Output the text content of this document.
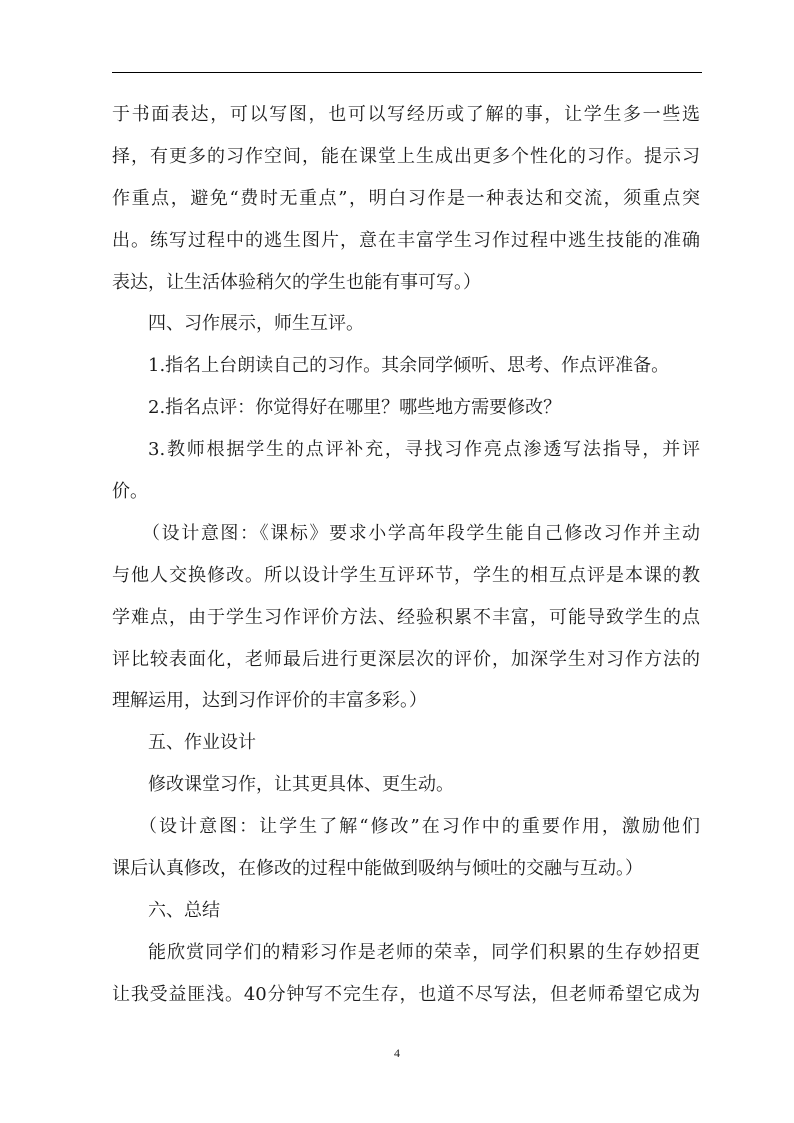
于书面表达，可以写图，也可以写经历或了解的事，让学生多一些选
择，有更多的习作空间，能在课堂上生成出更多个性化的习作。提示习
作重点，避免“费时无重点”，明白习作是一种表达和交流，须重点突
出。练写过程中的逃生图片，意在丰富学生习作过程中逃生技能的准确
表达，让生活体验稍欠的学生也能有事可写。）
四、习作展示，师生互评。
1.指名上台朗读自己的习作。其余同学倾听、思考、作点评准备。
2.指名点评：你觉得好在哪里？哪些地方需要修改？
3.教师根据学生的点评补充，寻找习作亮点渗透写法指导，并评
价。
（设计意图：《课标》要求小学高年段学生能自己修改习作并主动
与他人交换修改。所以设计学生互评环节，学生的相互点评是本课的教
学难点，由于学生习作评价方法、经验积累不丰富，可能导致学生的点
评比较表面化，老师最后进行更深层次的评价，加深学生对习作方法的
理解运用，达到习作评价的丰富多彩。）
五、作业设计
修改课堂习作，让其更具体、更生动。
（设计意图：让学生了解“修改”在习作中的重要作用，激励他们
课后认真修改，在修改的过程中能做到吸纳与倾吐的交融与互动。）
六、总结
能欣赏同学们的精彩习作是老师的荣幸，同学们积累的生存妙招更
让我受益匪浅。40分钟写不完生存，也道不尽写法，但老师希望它成为
4
